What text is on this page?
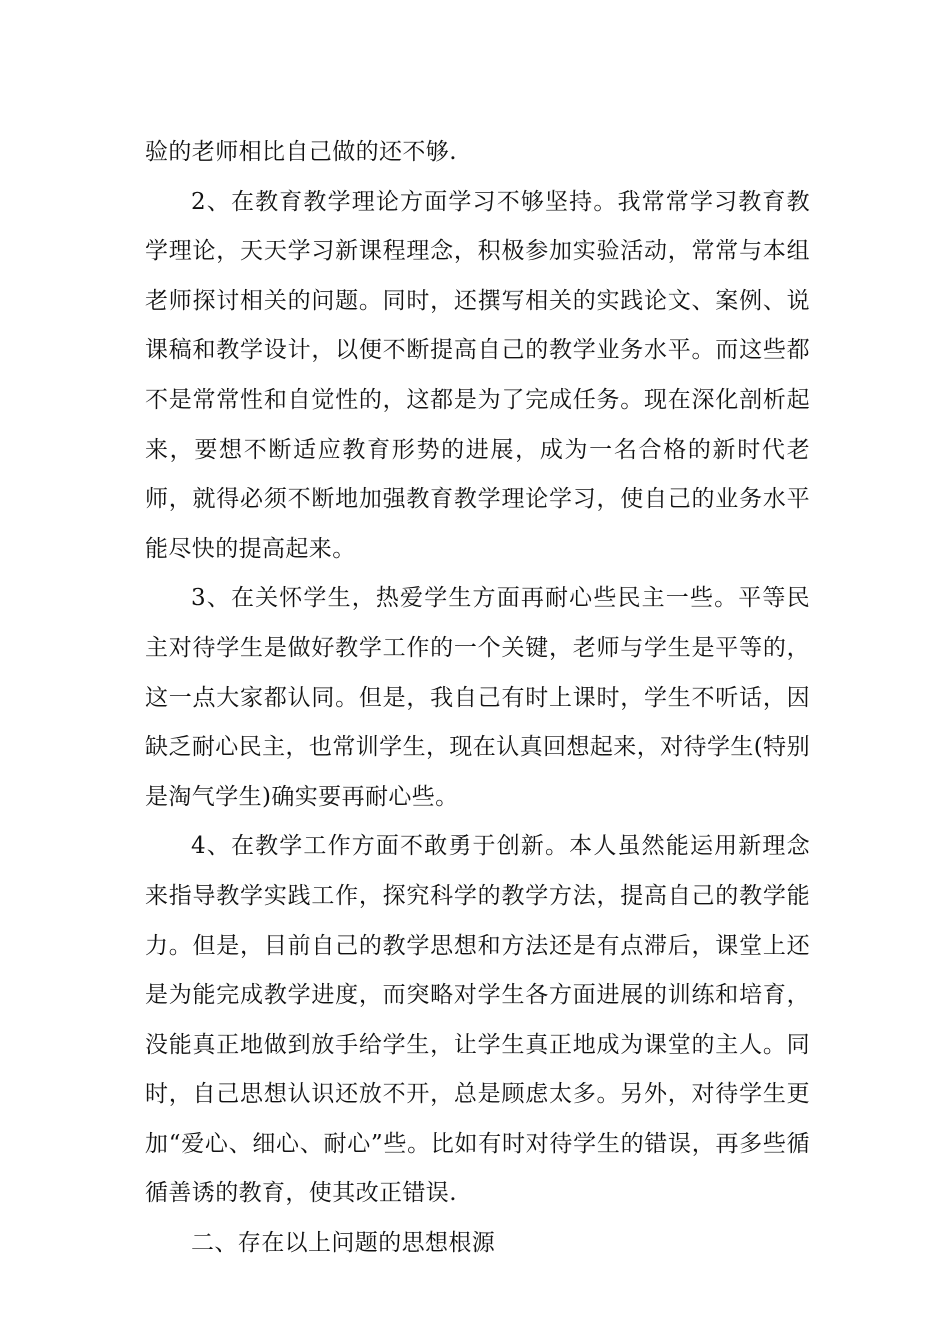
验的老师相比自己做的还不够.

2、在教育教学理论方面学习不够坚持。我常常学习教育教学理论，天天学习新课程理念，积极参加实验活动，常常与本组老师探讨相关的问题。同时，还撰写相关的实践论文、案例、说课稿和教学设计，以便不断提高自己的教学业务水平。而这些都不是常常性和自觉性的，这都是为了完成任务。现在深化剖析起来，要想不断适应教育形势的进展，成为一名合格的新时代老师，就得必须不断地加强教育教学理论学习，使自己的业务水平能尽快的提高起来。

3、在关怀学生，热爱学生方面再耐心些民主一些。平等民主对待学生是做好教学工作的一个关键，老师与学生是平等的，这一点大家都认同。但是，我自己有时上课时，学生不听话，因缺乏耐心民主，也常训学生，现在认真回想起来，对待学生(特别是淘气学生)确实要再耐心些。

4、在教学工作方面不敢勇于创新。本人虽然能运用新理念来指导教学实践工作，探究科学的教学方法，提高自己的教学能力。但是，目前自己的教学思想和方法还是有点滞后，课堂上还是为能完成教学进度，而突略对学生各方面进展的训练和培育，没能真正地做到放手给学生，让学生真正地成为课堂的主人。同时，自己思想认识还放不开，总是顾虑太多。另外，对待学生更加“爱心、细心、耐心”些。比如有时对待学生的错误，再多些循循善诱的教育，使其改正错误.

二、存在以上问题的思想根源
